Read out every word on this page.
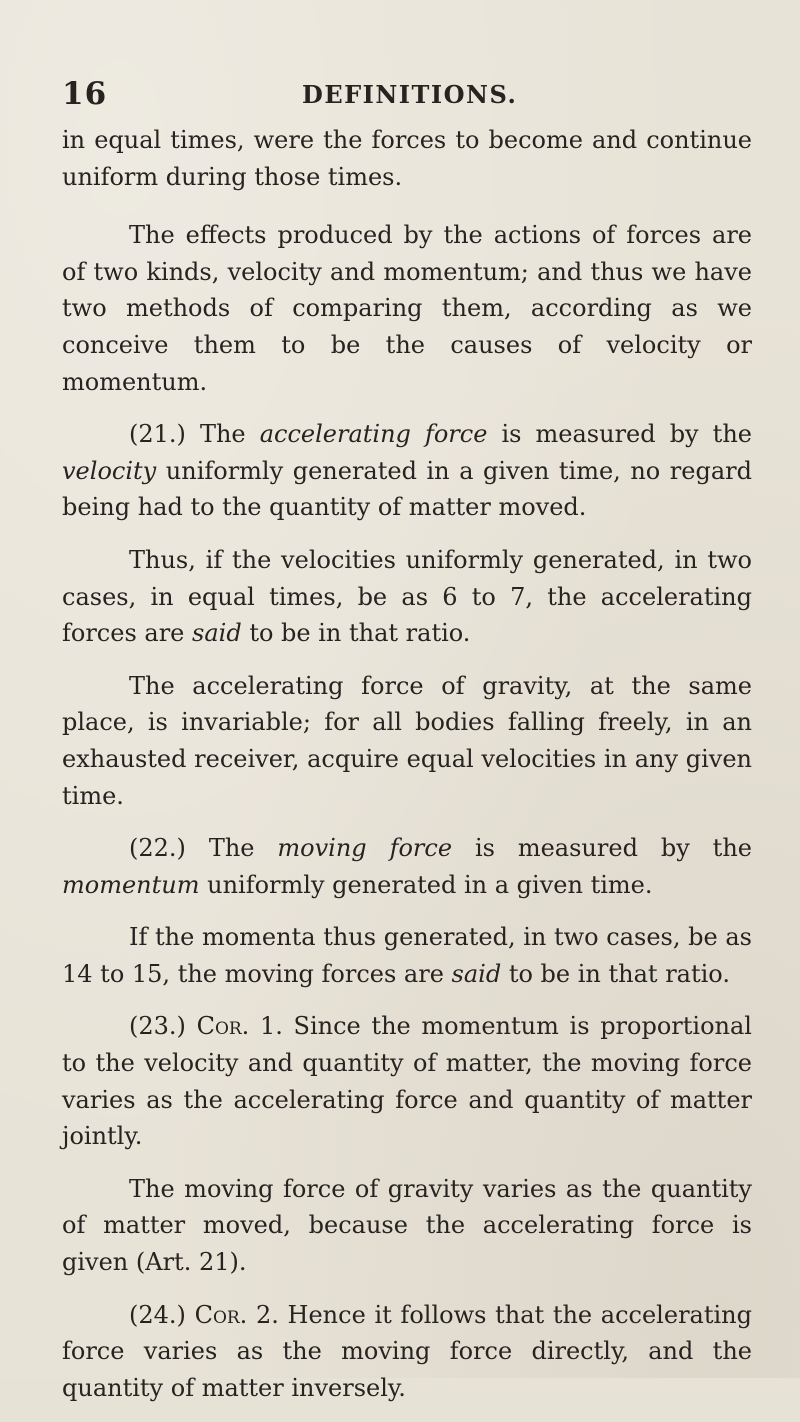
16	DEFINITIONS.

in equal times, were the forces to become and continue uniform during those times.

The effects produced by the actions of forces are of two kinds, velocity and momentum; and thus we have two methods of comparing them, according as we conceive them to be the causes of velocity or momentum.

(21.) The accelerating force is measured by the velocity uniformly generated in a given time, no regard being had to the quantity of matter moved.

Thus, if the velocities uniformly generated, in two cases, in equal times, be as 6 to 7, the accelerating forces are said to be in that ratio.

The accelerating force of gravity, at the same place, is invariable; for all bodies falling freely, in an exhausted receiver, acquire equal velocities in any given time.

(22.) The moving force is measured by the momentum uniformly generated in a given time.

If the momenta thus generated, in two cases, be as 14 to 15, the moving forces are said to be in that ratio.

(23.) Cor. 1. Since the momentum is proportional to the velocity and quantity of matter, the moving force varies as the accelerating force and quantity of matter jointly.

The moving force of gravity varies as the quantity of matter moved, because the accelerating force is given (Art. 21).

(24.) Cor. 2. Hence it follows that the accelerating force varies as the moving force directly, and the quantity of matter inversely.
